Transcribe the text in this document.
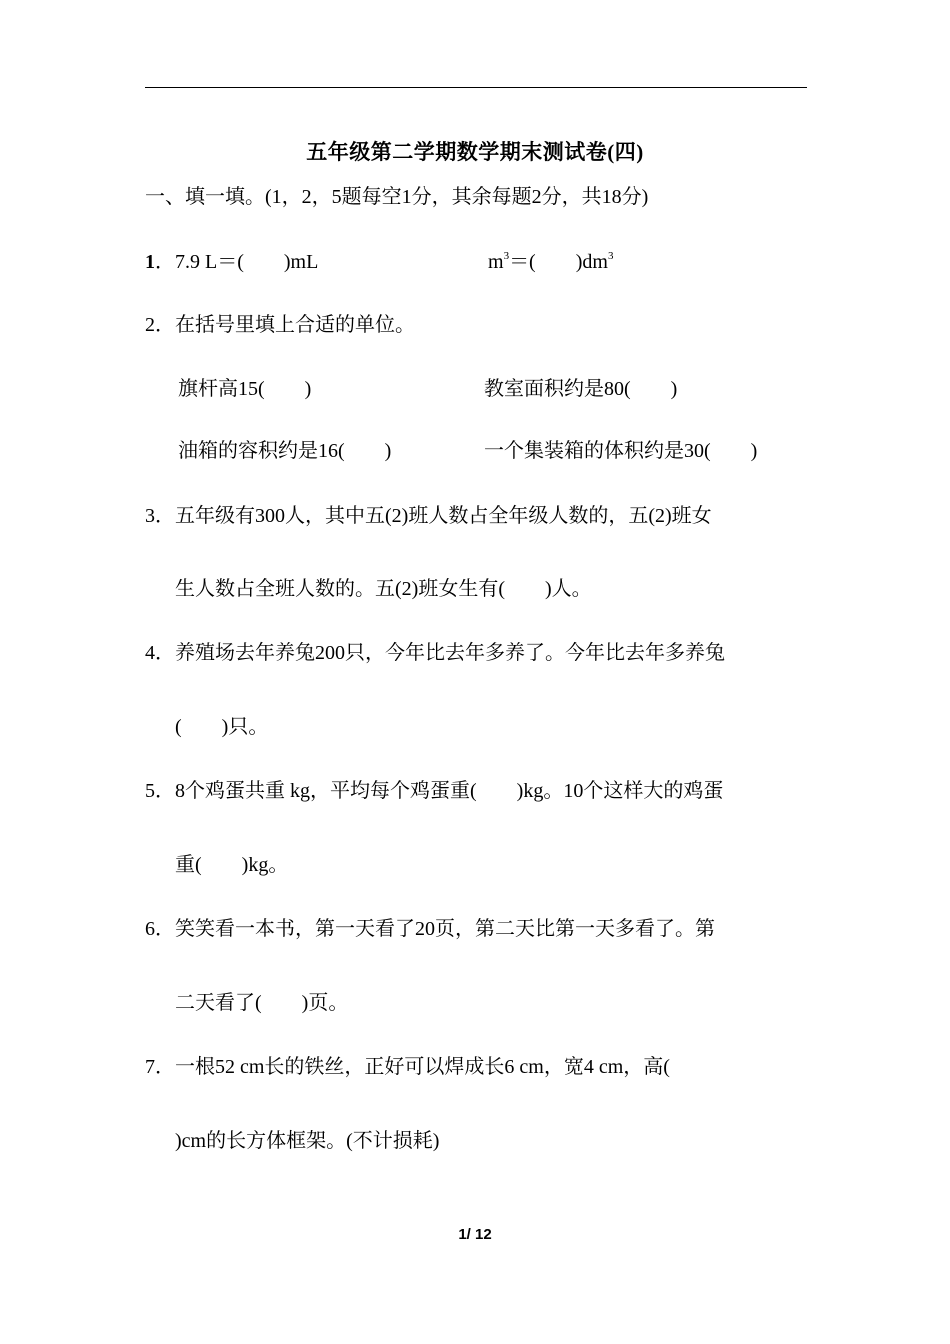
五年级第二学期数学期末测试卷(四)
一、填一填。(1，2，5题每空1分，其余每题2分，共18分)
1．7.9 L＝(　　)mL	$m^3=$(　　)$dm^3$
2．在括号里填上合适的单位。
旗杆高15(　　)	教室面积约是80(　　)
油箱的容积约是16(　　)	一个集装箱的体积约是30(　　)
3．五年级有300人，其中五(2)班人数占全年级人数的，五(2)班女
生人数占全班人数的。五(2)班女生有(　　)人。
4．养殖场去年养兔200只，今年比去年多养了。今年比去年多养兔
(　　)只。
5．8个鸡蛋共重 kg，平均每个鸡蛋重(　　)kg。10个这样大的鸡蛋
重(　　)kg。
6．笑笑看一本书，第一天看了20页，第二天比第一天多看了。第
二天看了(　　)页。
7．一根52 cm长的铁丝，正好可以焊成长6 cm，宽4 cm，高(
)cm的长方体框架。(不计损耗)
1/ 12
